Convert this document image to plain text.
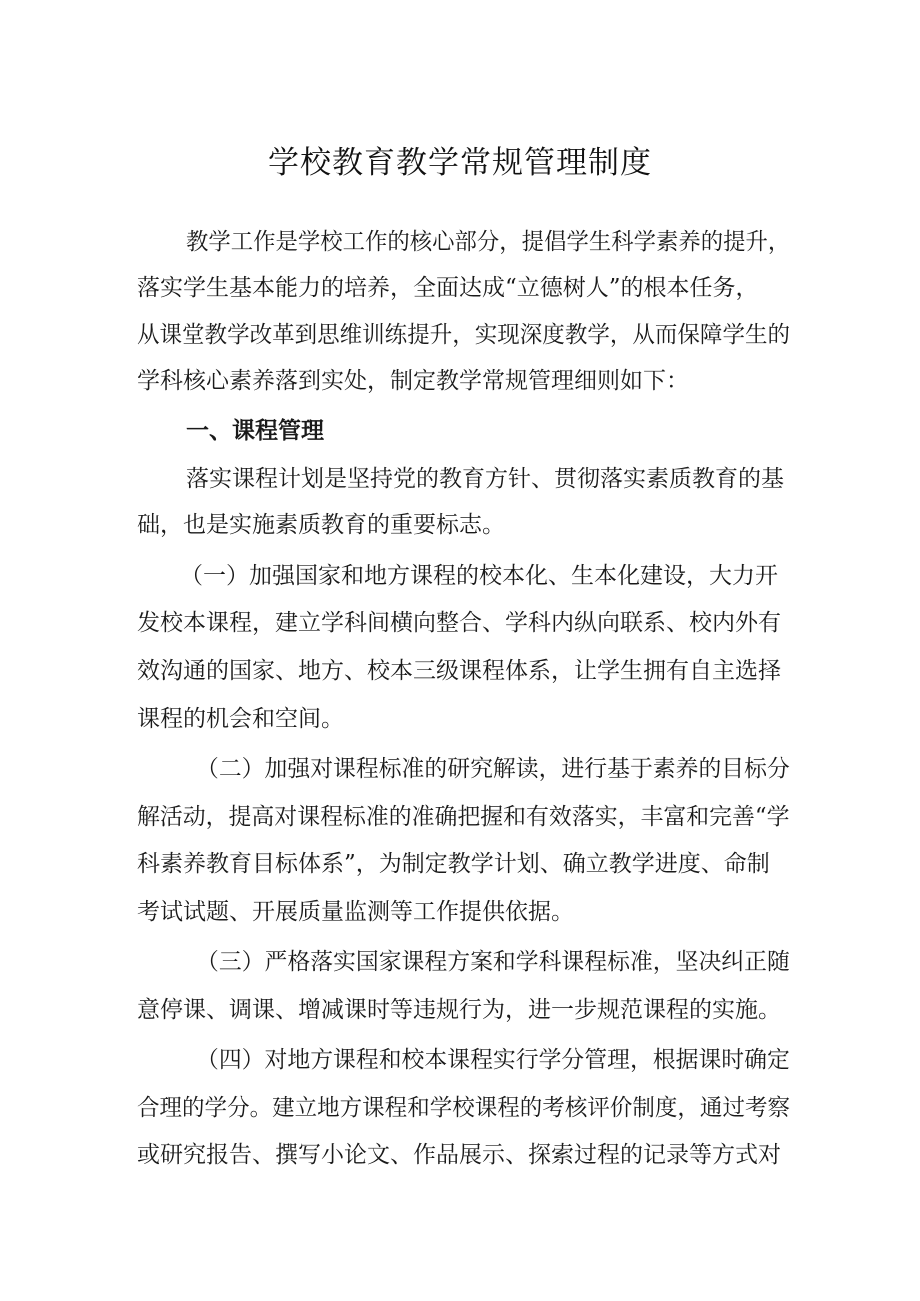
学校教育教学常规管理制度
教学工作是学校工作的核心部分，提倡学生科学素养的提升，
落实学生基本能力的培养，全面达成“立德树人”的根本任务，
从课堂教学改革到思维训练提升，实现深度教学，从而保障学生的
学科核心素养落到实处，制定教学常规管理细则如下：
一、课程管理
落实课程计划是坚持党的教育方针、贯彻落实素质教育的基
础，也是实施素质教育的重要标志。
（一）加强国家和地方课程的校本化、生本化建设，大力开
发校本课程，建立学科间横向整合、学科内纵向联系、校内外有
效沟通的国家、地方、校本三级课程体系，让学生拥有自主选择
课程的机会和空间。
（二）加强对课程标准的研究解读，进行基于素养的目标分
解活动，提高对课程标准的准确把握和有效落实，丰富和完善“学
科素养教育目标体系”，为制定教学计划、确立教学进度、命制
考试试题、开展质量监测等工作提供依据。
（三）严格落实国家课程方案和学科课程标准，坚决纠正随
意停课、调课、增减课时等违规行为，进一步规范课程的实施。
（四）对地方课程和校本课程实行学分管理，根据课时确定
合理的学分。建立地方课程和学校课程的考核评价制度，通过考察
或研究报告、撰写小论文、作品展示、探索过程的记录等方式对
